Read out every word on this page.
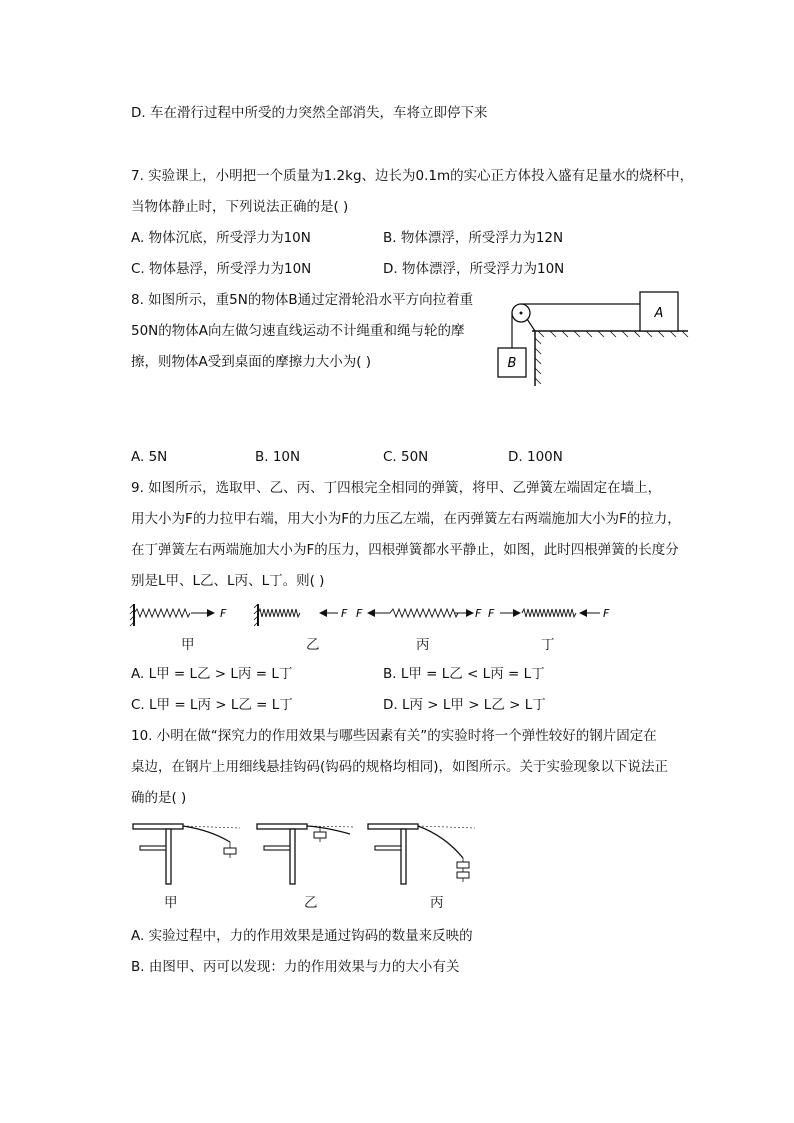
D. 车在滑行过程中所受的力突然全部消失，车将立即停下来
7. 实验课上，小明把一个质量为1.2kg、边长为0.1m的实心正方体投入盛有足量水的烧杯中，
当物体静止时，下列说法正确的是( )
A. 物体沉底，所受浮力为10N	B. 物体漂浮，所受浮力为12N
C. 物体悬浮，所受浮力为10N	D. 物体漂浮，所受浮力为10N
8. 如图所示，重5N的物体B通过定滑轮沿水平方向拉着重
50N的物体A向左做匀速直线运动不计绳重和绳与轮的摩
擦，则物体A受到桌面的摩擦力大小为( )
A
B
A. 5N	B. 10N	C. 50N	D. 100N
9. 如图所示，选取甲、乙、丙、丁四根完全相同的弹簧，将甲、乙弹簧左端固定在墙上，
用大小为F的力拉甲右端，用大小为F的力压乙左端，在丙弹簧左右两端施加大小为F的拉力，
在丁弹簧左右两端施加大小为F的压力，四根弹簧都水平静止，如图，此时四根弹簧的长度分
别是L甲、L乙、L丙、L丁。则( )
F	F F	F F	F
甲	乙	丙	丁
A. L甲 = L乙 > L丙 = L丁	B. L甲 = L乙 < L丙 = L丁
C. L甲 = L丙 > L乙 = L丁	D. L丙 > L甲 > L乙 > L丁
10. 小明在做“探究力的作用效果与哪些因素有关”的实验时将一个弹性较好的钢片固定在
桌边，在钢片上用细线悬挂钩码(钩码的规格均相同)，如图所示。关于实验现象以下说法正
确的是( )
甲	乙	丙
A. 实验过程中，力的作用效果是通过钩码的数量来反映的
B. 由图甲、丙可以发现：力的作用效果与力的大小有关
